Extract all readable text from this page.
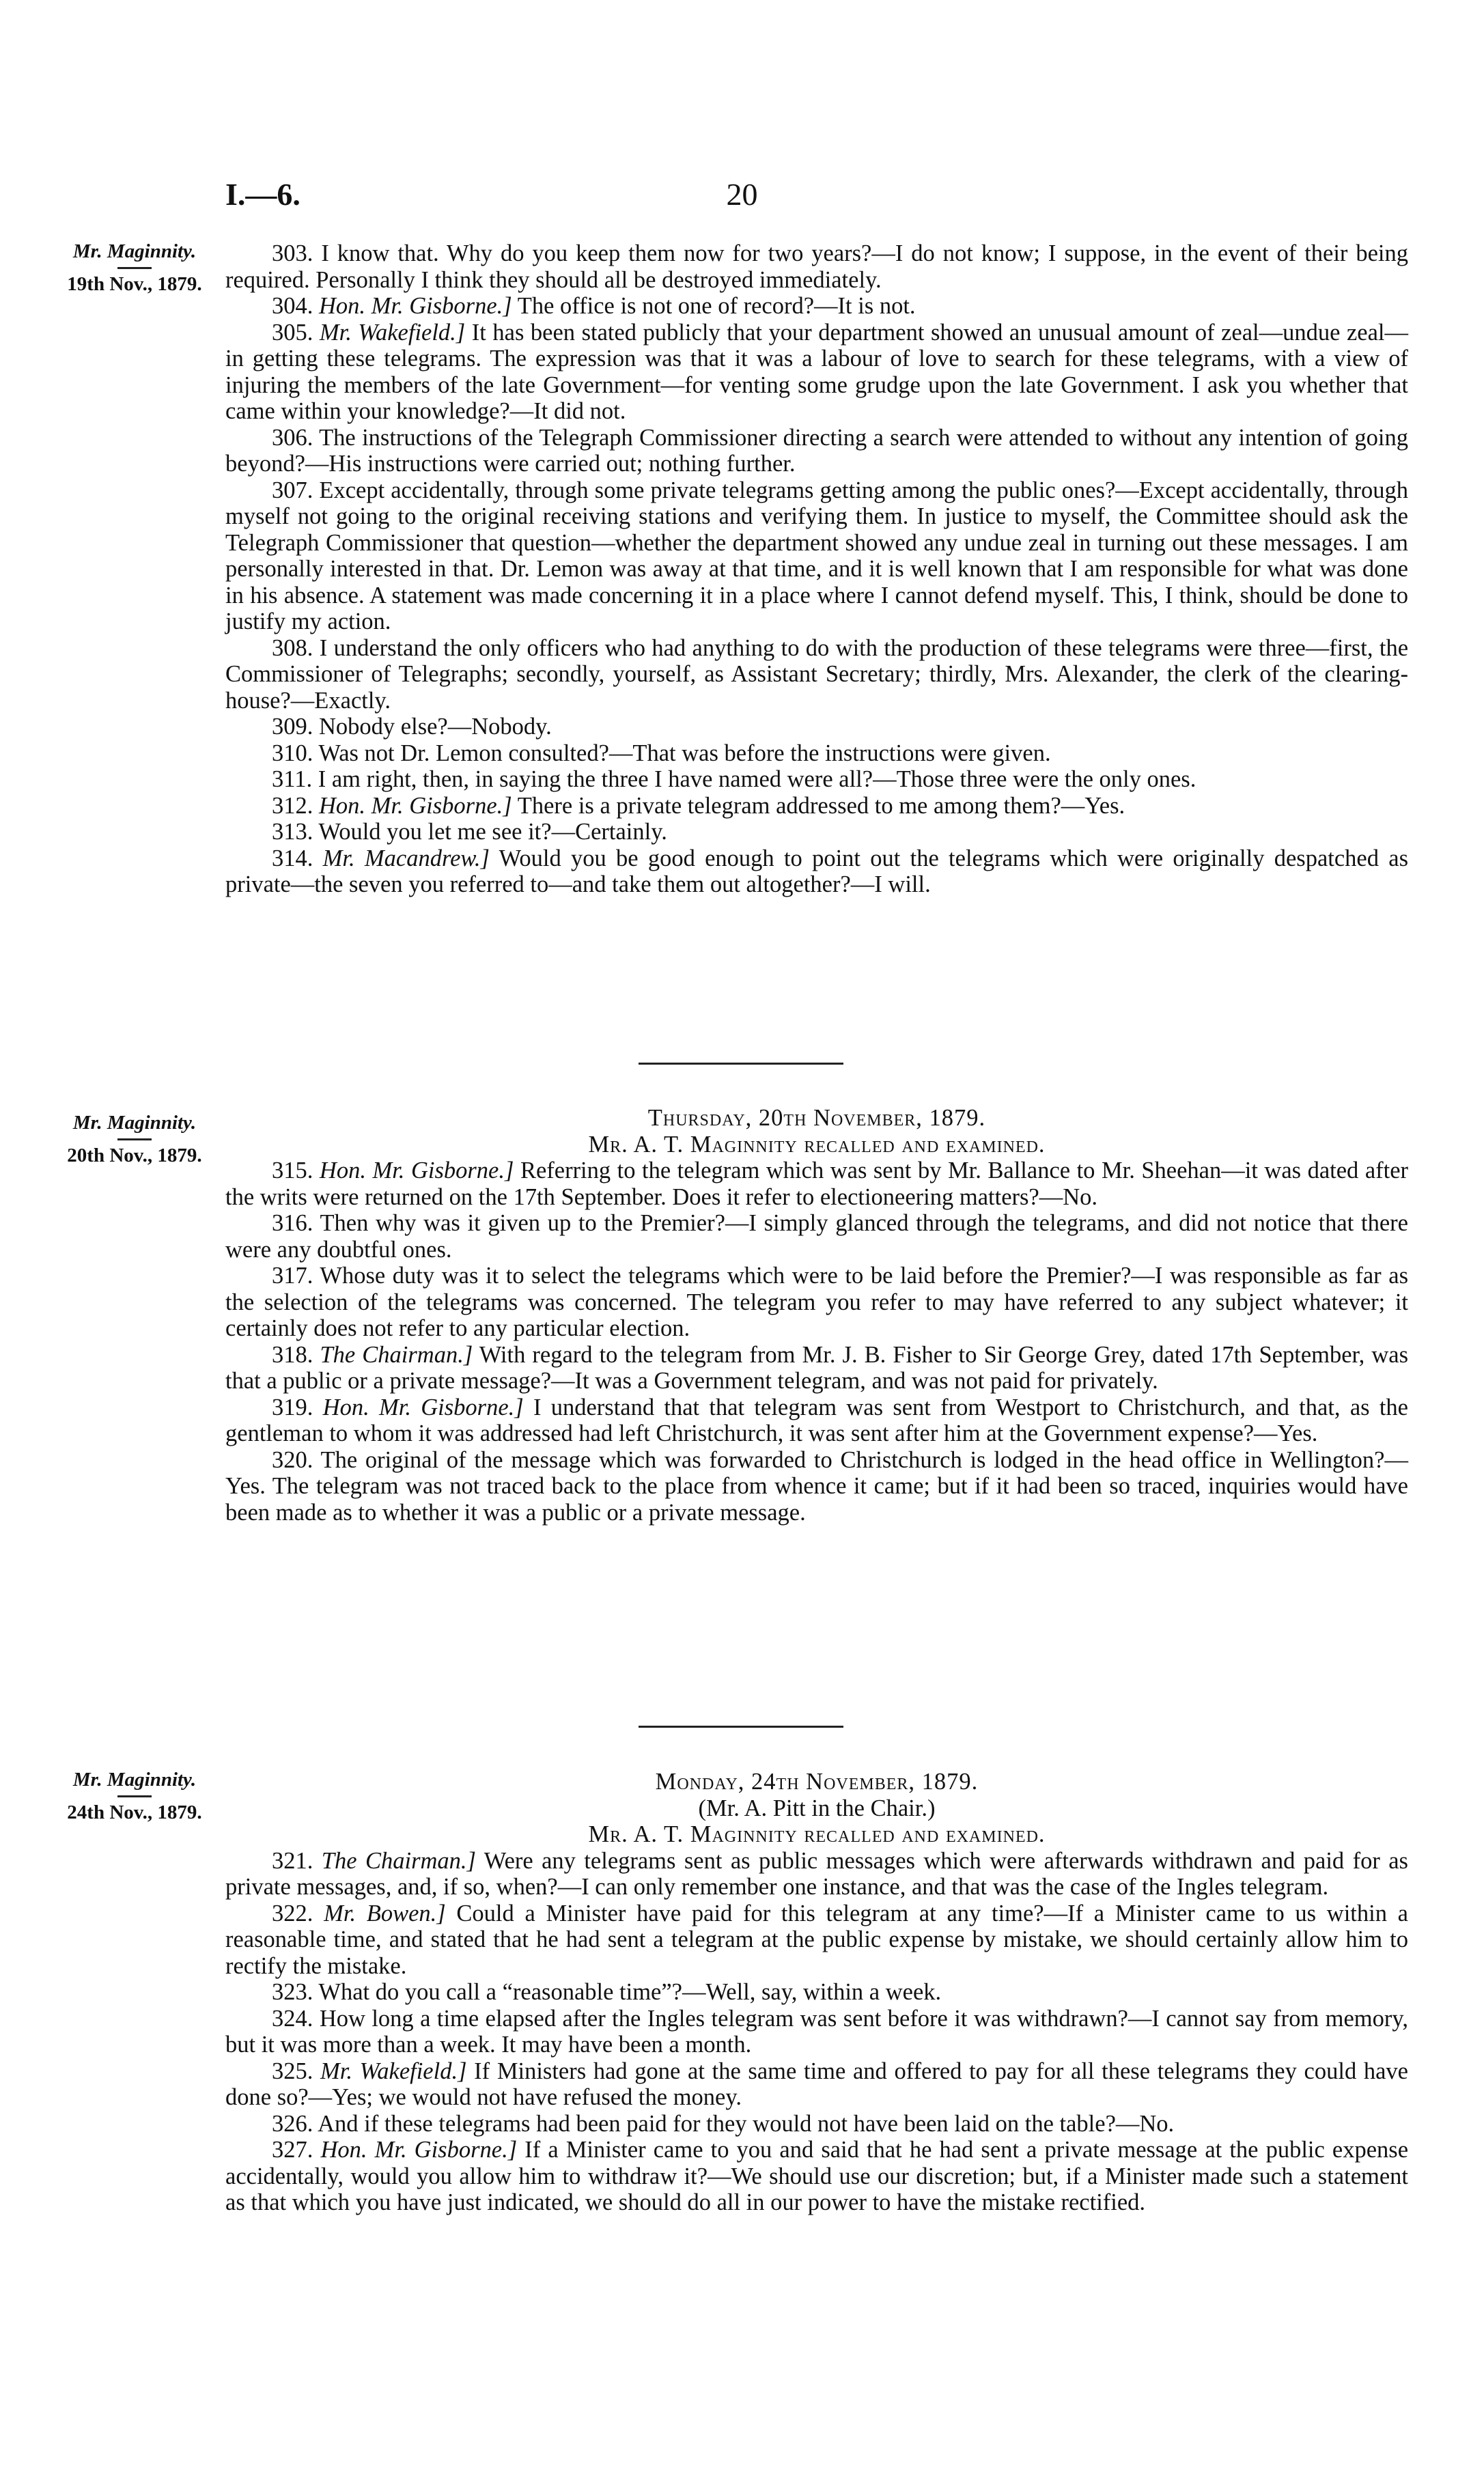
I.—6.	20
Mr. Maginnity.
19th Nov., 1879.

303. I know that. Why do you keep them now for two years?—I do not know; I suppose, in the event of their being required. Personally I think they should all be destroyed immediately.

304. Hon. Mr. Gisborne.] The office is not one of record?—It is not.

305. Mr. Wakefield.] It has been stated publicly that your department showed an unusual amount of zeal—undue zeal—in getting these telegrams. The expression was that it was a labour of love to search for these telegrams, with a view of injuring the members of the late Government—for venting some grudge upon the late Government. I ask you whether that came within your knowledge?—It did not.

306. The instructions of the Telegraph Commissioner directing a search were attended to without any intention of going beyond?—His instructions were carried out; nothing further.

307. Except accidentally, through some private telegrams getting among the public ones?—Except accidentally, through myself not going to the original receiving stations and verifying them. In justice to myself, the Committee should ask the Telegraph Commissioner that question—whether the department showed any undue zeal in turning out these messages. I am personally interested in that. Dr. Lemon was away at that time, and it is well known that I am responsible for what was done in his absence. A statement was made concerning it in a place where I cannot defend myself. This, I think, should be done to justify my action.

308. I understand the only officers who had anything to do with the production of these telegrams were three—first, the Commissioner of Telegraphs; secondly, yourself, as Assistant Secretary; thirdly, Mrs. Alexander, the clerk of the clearing-house?—Exactly.

309. Nobody else?—Nobody.

310. Was not Dr. Lemon consulted?—That was before the instructions were given.

311. I am right, then, in saying the three I have named were all?—Those three were the only ones.

312. Hon. Mr. Gisborne.] There is a private telegram addressed to me among them?—Yes.

313. Would you let me see it?—Certainly.

314. Mr. Macandrew.] Would you be good enough to point out the telegrams which were originally despatched as private—the seven you referred to—and take them out altogether?—I will.

Mr. Maginnity.
20th Nov., 1879.

Thursday, 20th November, 1879.

Mr. A. T. Maginnity recalled and examined.

315. Hon. Mr. Gisborne.] Referring to the telegram which was sent by Mr. Ballance to Mr. Sheehan—it was dated after the writs were returned on the 17th September. Does it refer to electioneering matters?—No.

316. Then why was it given up to the Premier?—I simply glanced through the telegrams, and did not notice that there were any doubtful ones.

317. Whose duty was it to select the telegrams which were to be laid before the Premier?—I was responsible as far as the selection of the telegrams was concerned. The telegram you refer to may have referred to any subject whatever; it certainly does not refer to any particular election.

318. The Chairman.] With regard to the telegram from Mr. J. B. Fisher to Sir George Grey, dated 17th September, was that a public or a private message?—It was a Government telegram, and was not paid for privately.

319. Hon. Mr. Gisborne.] I understand that that telegram was sent from Westport to Christchurch, and that, as the gentleman to whom it was addressed had left Christchurch, it was sent after him at the Government expense?—Yes.

320. The original of the message which was forwarded to Christchurch is lodged in the head office in Wellington?—Yes. The telegram was not traced back to the place from whence it came; but if it had been so traced, inquiries would have been made as to whether it was a public or a private message.

Mr. Maginnity.
24th Nov., 1879.

Monday, 24th November, 1879.

(Mr. A. Pitt in the Chair.)

Mr. A. T. Maginnity recalled and examined.

321. The Chairman.] Were any telegrams sent as public messages which were afterwards withdrawn and paid for as private messages, and, if so, when?—I can only remember one instance, and that was the case of the Ingles telegram.

322. Mr. Bowen.] Could a Minister have paid for this telegram at any time?—If a Minister came to us within a reasonable time, and stated that he had sent a telegram at the public expense by mistake, we should certainly allow him to rectify the mistake.

323. What do you call a “reasonable time”?—Well, say, within a week.

324. How long a time elapsed after the Ingles telegram was sent before it was withdrawn?—I cannot say from memory, but it was more than a week. It may have been a month.

325. Mr. Wakefield.] If Ministers had gone at the same time and offered to pay for all these telegrams they could have done so?—Yes; we would not have refused the money.

326. And if these telegrams had been paid for they would not have been laid on the table?—No.

327. Hon. Mr. Gisborne.] If a Minister came to you and said that he had sent a private message at the public expense accidentally, would you allow him to withdraw it?—We should use our discretion; but, if a Minister made such a statement as that which you have just indicated, we should do all in our power to have the mistake rectified.
